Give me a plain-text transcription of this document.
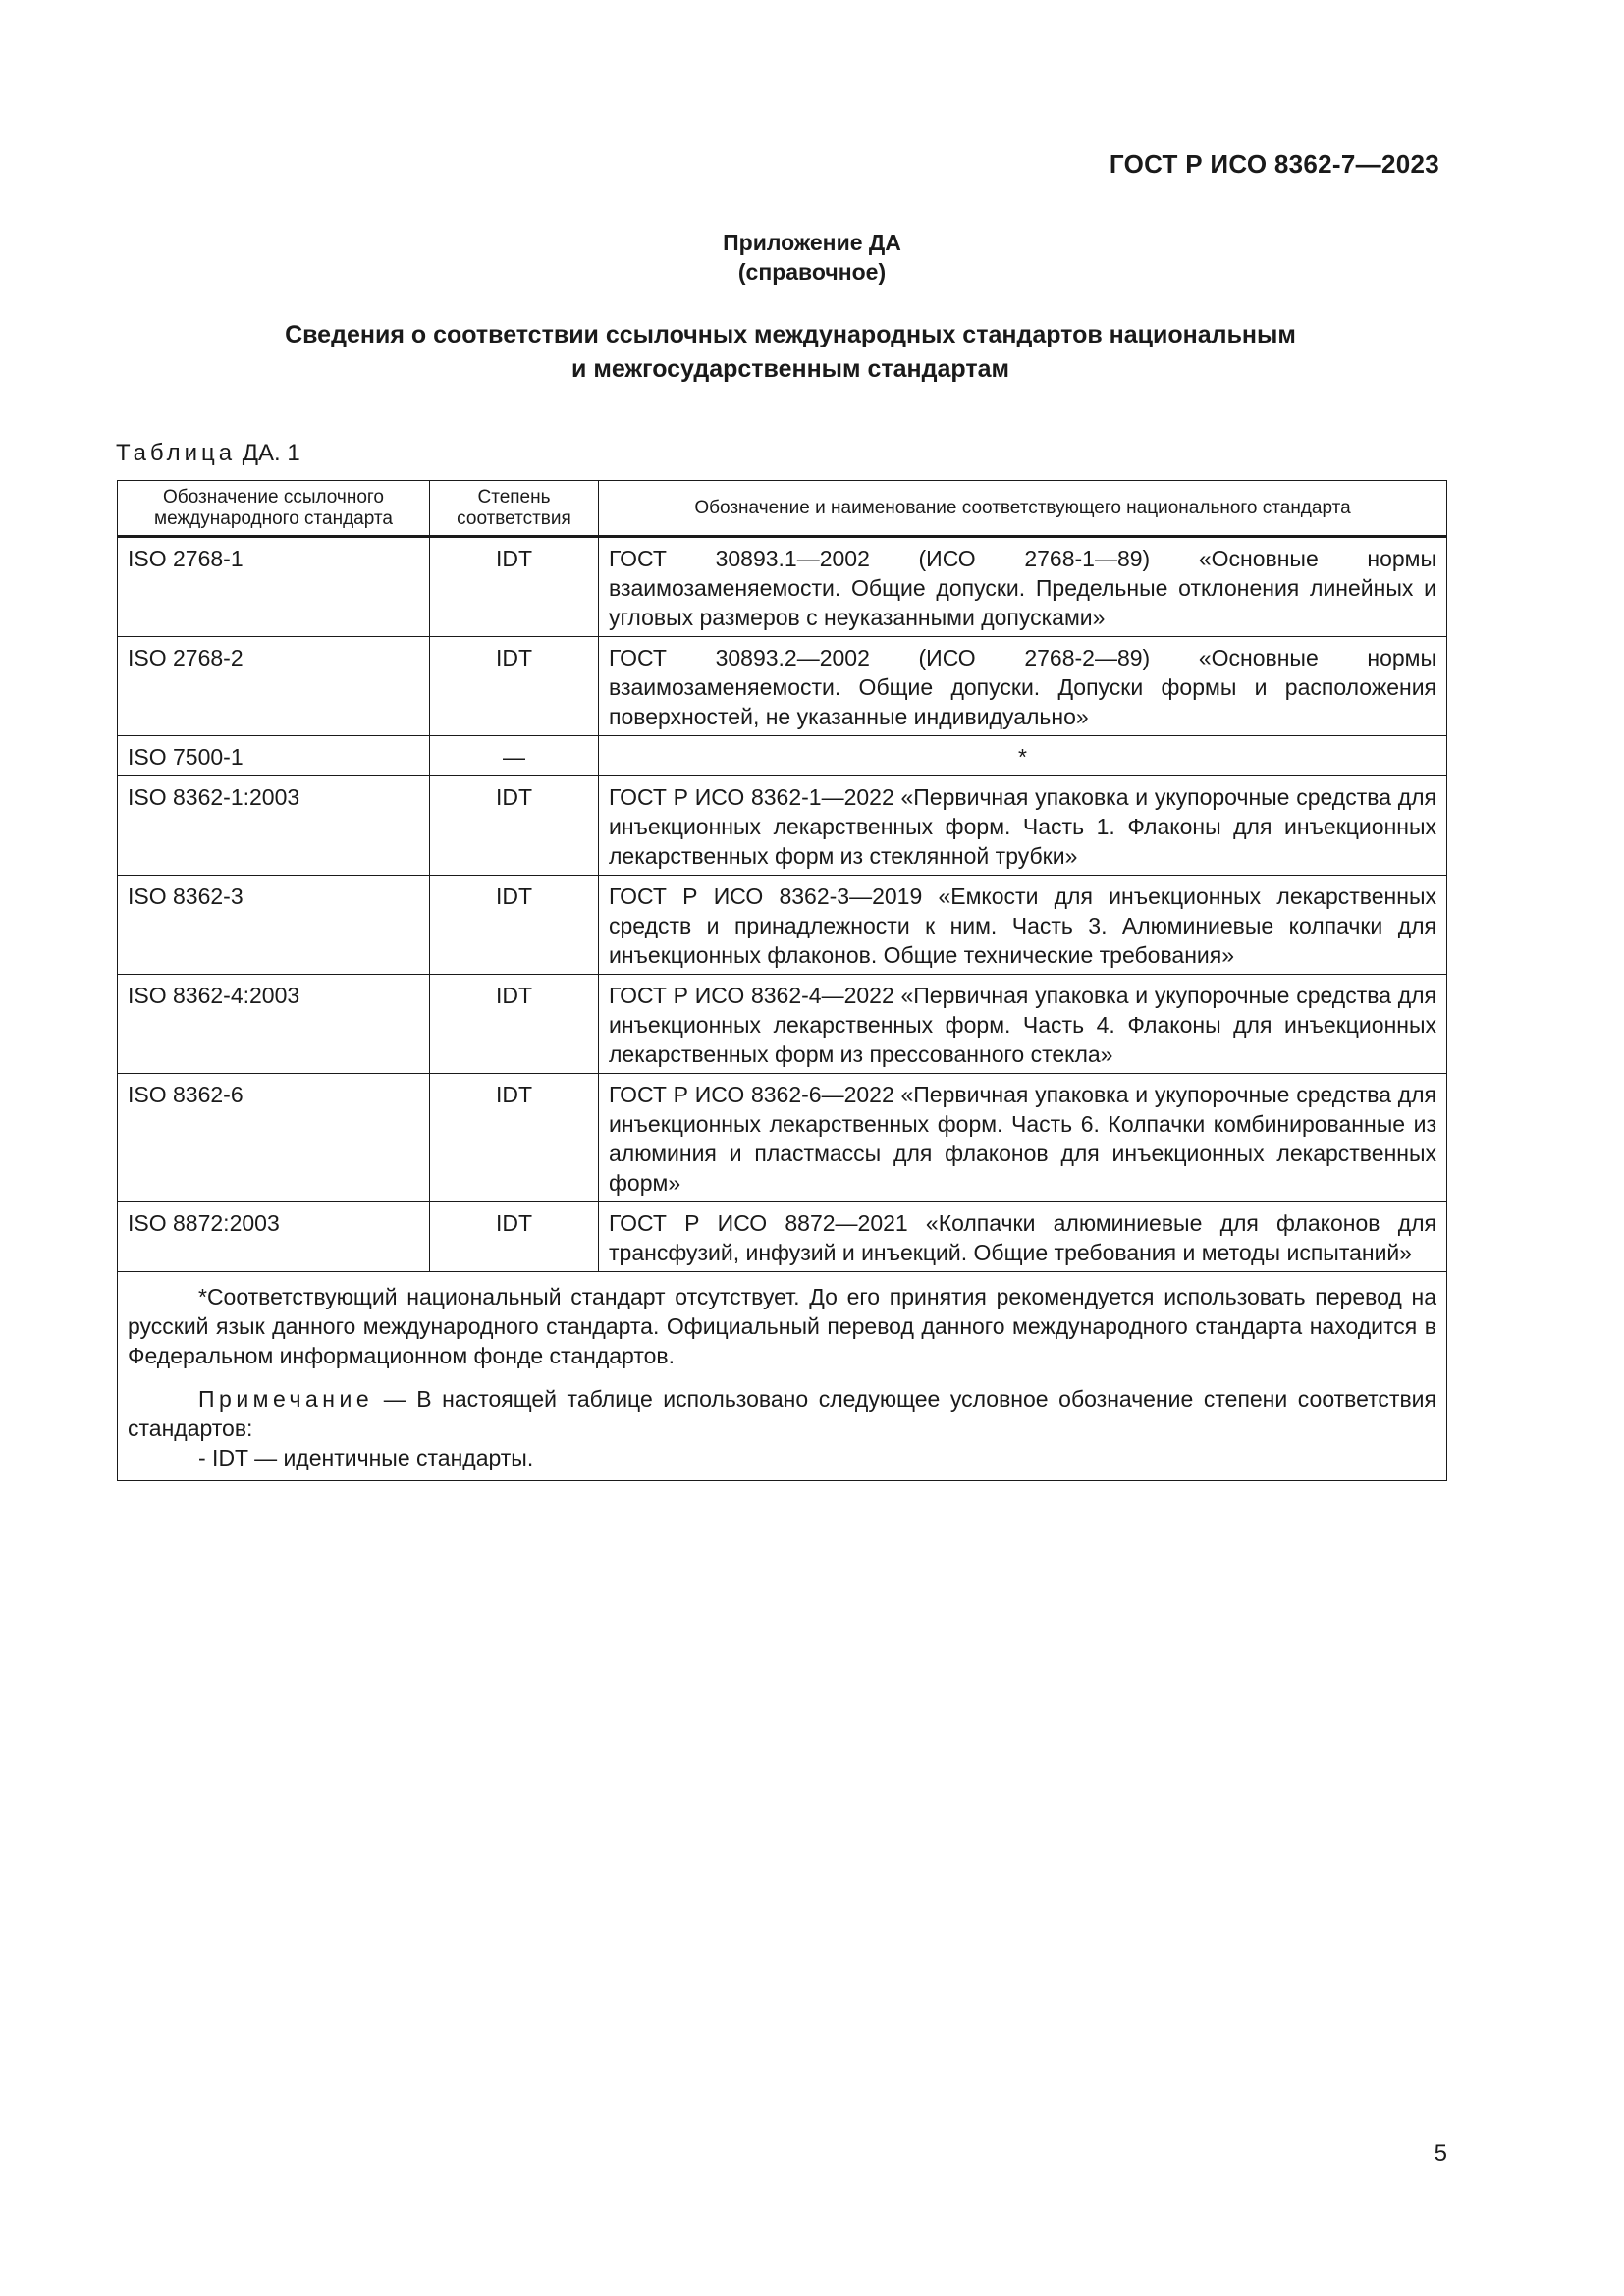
ГОСТ Р ИСО 8362-7—2023
Приложение ДА
(справочное)
Сведения о соответствии ссылочных международных стандартов национальным
и межгосударственным стандартам
Таблица ДА. 1
Обозначение ссылочного международного стандарта	Степень соответствия	Обозначение и наименование соответствующего национального стандарта
ISO 2768-1	IDT	ГОСТ 30893.1—2002 (ИСО 2768-1—89) «Основные нормы взаимозаменяемости. Общие допуски. Предельные отклонения линейных и угловых размеров с неуказанными допусками»
ISO 2768-2	IDT	ГОСТ 30893.2—2002 (ИСО 2768-2—89) «Основные нормы взаимозаменяемости. Общие допуски. Допуски формы и расположения поверхностей, не указанные индивидуально»
ISO 7500-1	—	*
ISO 8362-1:2003	IDT	ГОСТ Р ИСО 8362-1—2022 «Первичная упаковка и укупорочные средства для инъекционных лекарственных форм. Часть 1. Флаконы для инъекционных лекарственных форм из стеклянной трубки»
ISO 8362-3	IDT	ГОСТ Р ИСО 8362-3—2019 «Емкости для инъекционных лекарственных средств и принадлежности к ним. Часть 3. Алюминиевые колпачки для инъекционных флаконов. Общие технические требования»
ISO 8362-4:2003	IDT	ГОСТ Р ИСО 8362-4—2022 «Первичная упаковка и укупорочные средства для инъекционных лекарственных форм. Часть 4. Флаконы для инъекционных лекарственных форм из прессованного стекла»
ISO 8362-6	IDT	ГОСТ Р ИСО 8362-6—2022 «Первичная упаковка и укупорочные средства для инъекционных лекарственных форм. Часть 6. Колпачки комбинированные из алюминия и пластмассы для флаконов для инъекционных лекарственных форм»
ISO 8872:2003	IDT	ГОСТ Р ИСО 8872—2021 «Колпачки алюминиевые для флаконов для трансфузий, инфузий и инъекций. Общие требования и методы испытаний»

*Соответствующий национальный стандарт отсутствует. До его принятия рекомендуется использовать перевод на русский язык данного международного стандарта. Официальный перевод данного международного стандарта находится в Федеральном информационном фонде стандартов.

Примечание — В настоящей таблице использовано следующее условное обозначение степени соответствия стандартов:

- IDT — идентичные стандарты.		

5
